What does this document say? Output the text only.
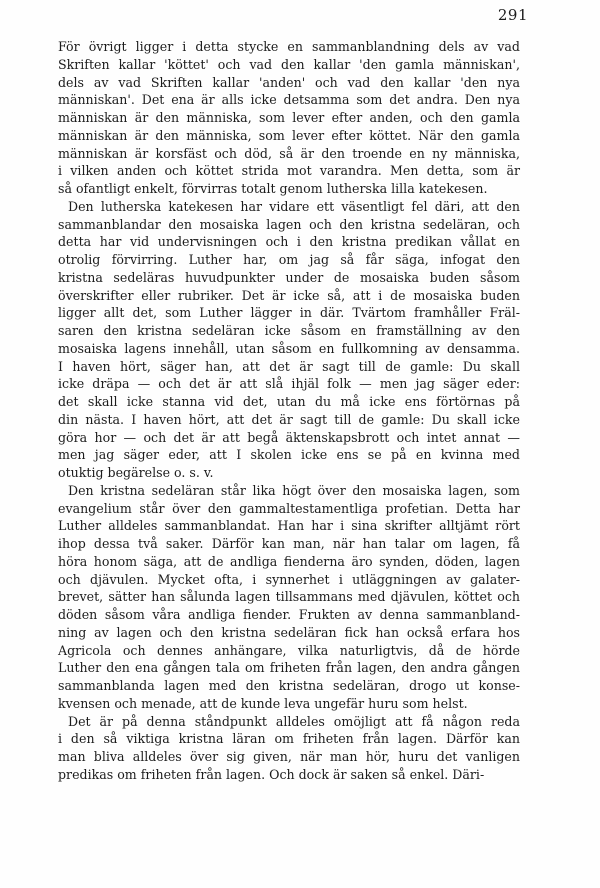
291
För övrigt ligger i detta stycke en sammanblandning dels av vad
Skriften kallar 'köttet' och vad den kallar 'den gamla människan',
dels av vad Skriften kallar 'anden' och vad den kallar 'den nya
människan'. Det ena är alls icke detsamma som det andra. Den nya
människan är den människa, som lever efter anden, och den gamla
människan är den människa, som lever efter köttet. När den gamla
människan är korsfäst och död, så är den troende en ny människa,
i vilken anden och köttet strida mot varandra. Men detta, som är
så ofantligt enkelt, förvirras totalt genom lutherska lilla katekesen.
Den lutherska katekesen har vidare ett väsentligt fel däri, att den
sammanblandar den mosaiska lagen och den kristna sedeläran, och
detta har vid undervisningen och i den kristna predikan vållat en
otrolig förvirring. Luther har, om jag så får säga, infogat den
kristna sedeläras huvudpunkter under de mosaiska buden såsom
överskrifter eller rubriker. Det är icke så, att i de mosaiska buden
ligger allt det, som Luther lägger in där. Tvärtom framhåller Fräl-
saren den kristna sedeläran icke såsom en framställning av den
mosaiska lagens innehåll, utan såsom en fullkomning av densamma.
I haven hört, säger han, att det är sagt till de gamle: Du skall
icke dräpa — och det är att slå ihjäl folk — men jag säger eder:
det skall icke stanna vid det, utan du må icke ens förtörnas på
din nästa. I haven hört, att det är sagt till de gamle: Du skall icke
göra hor — och det är att begå äktenskapsbrott och intet annat —
men jag säger eder, att I skolen icke ens se på en kvinna med
otuktig begärelse o. s. v.
Den kristna sedeläran står lika högt över den mosaiska lagen, som
evangelium står över den gammaltestamentliga profetian. Detta har
Luther alldeles sammanblandat. Han har i sina skrifter alltjämt rört
ihop dessa två saker. Därför kan man, när han talar om lagen, få
höra honom säga, att de andliga fienderna äro synden, döden, lagen
och djävulen. Mycket ofta, i synnerhet i utläggningen av galater-
brevet, sätter han sålunda lagen tillsammans med djävulen, köttet och
döden såsom våra andliga fiender. Frukten av denna sammanbland-
ning av lagen och den kristna sedeläran fick han också erfara hos
Agricola och dennes anhängare, vilka naturligtvis, då de hörde
Luther den ena gången tala om friheten från lagen, den andra gången
sammanblanda lagen med den kristna sedeläran, drogo ut konse-
kvensen och menade, att de kunde leva ungefär huru som helst.
Det är på denna ståndpunkt alldeles omöjligt att få någon reda
i den så viktiga kristna läran om friheten från lagen. Därför kan
man bliva alldeles över sig given, när man hör, huru det vanligen
predikas om friheten från lagen. Och dock är saken så enkel. Däri-
